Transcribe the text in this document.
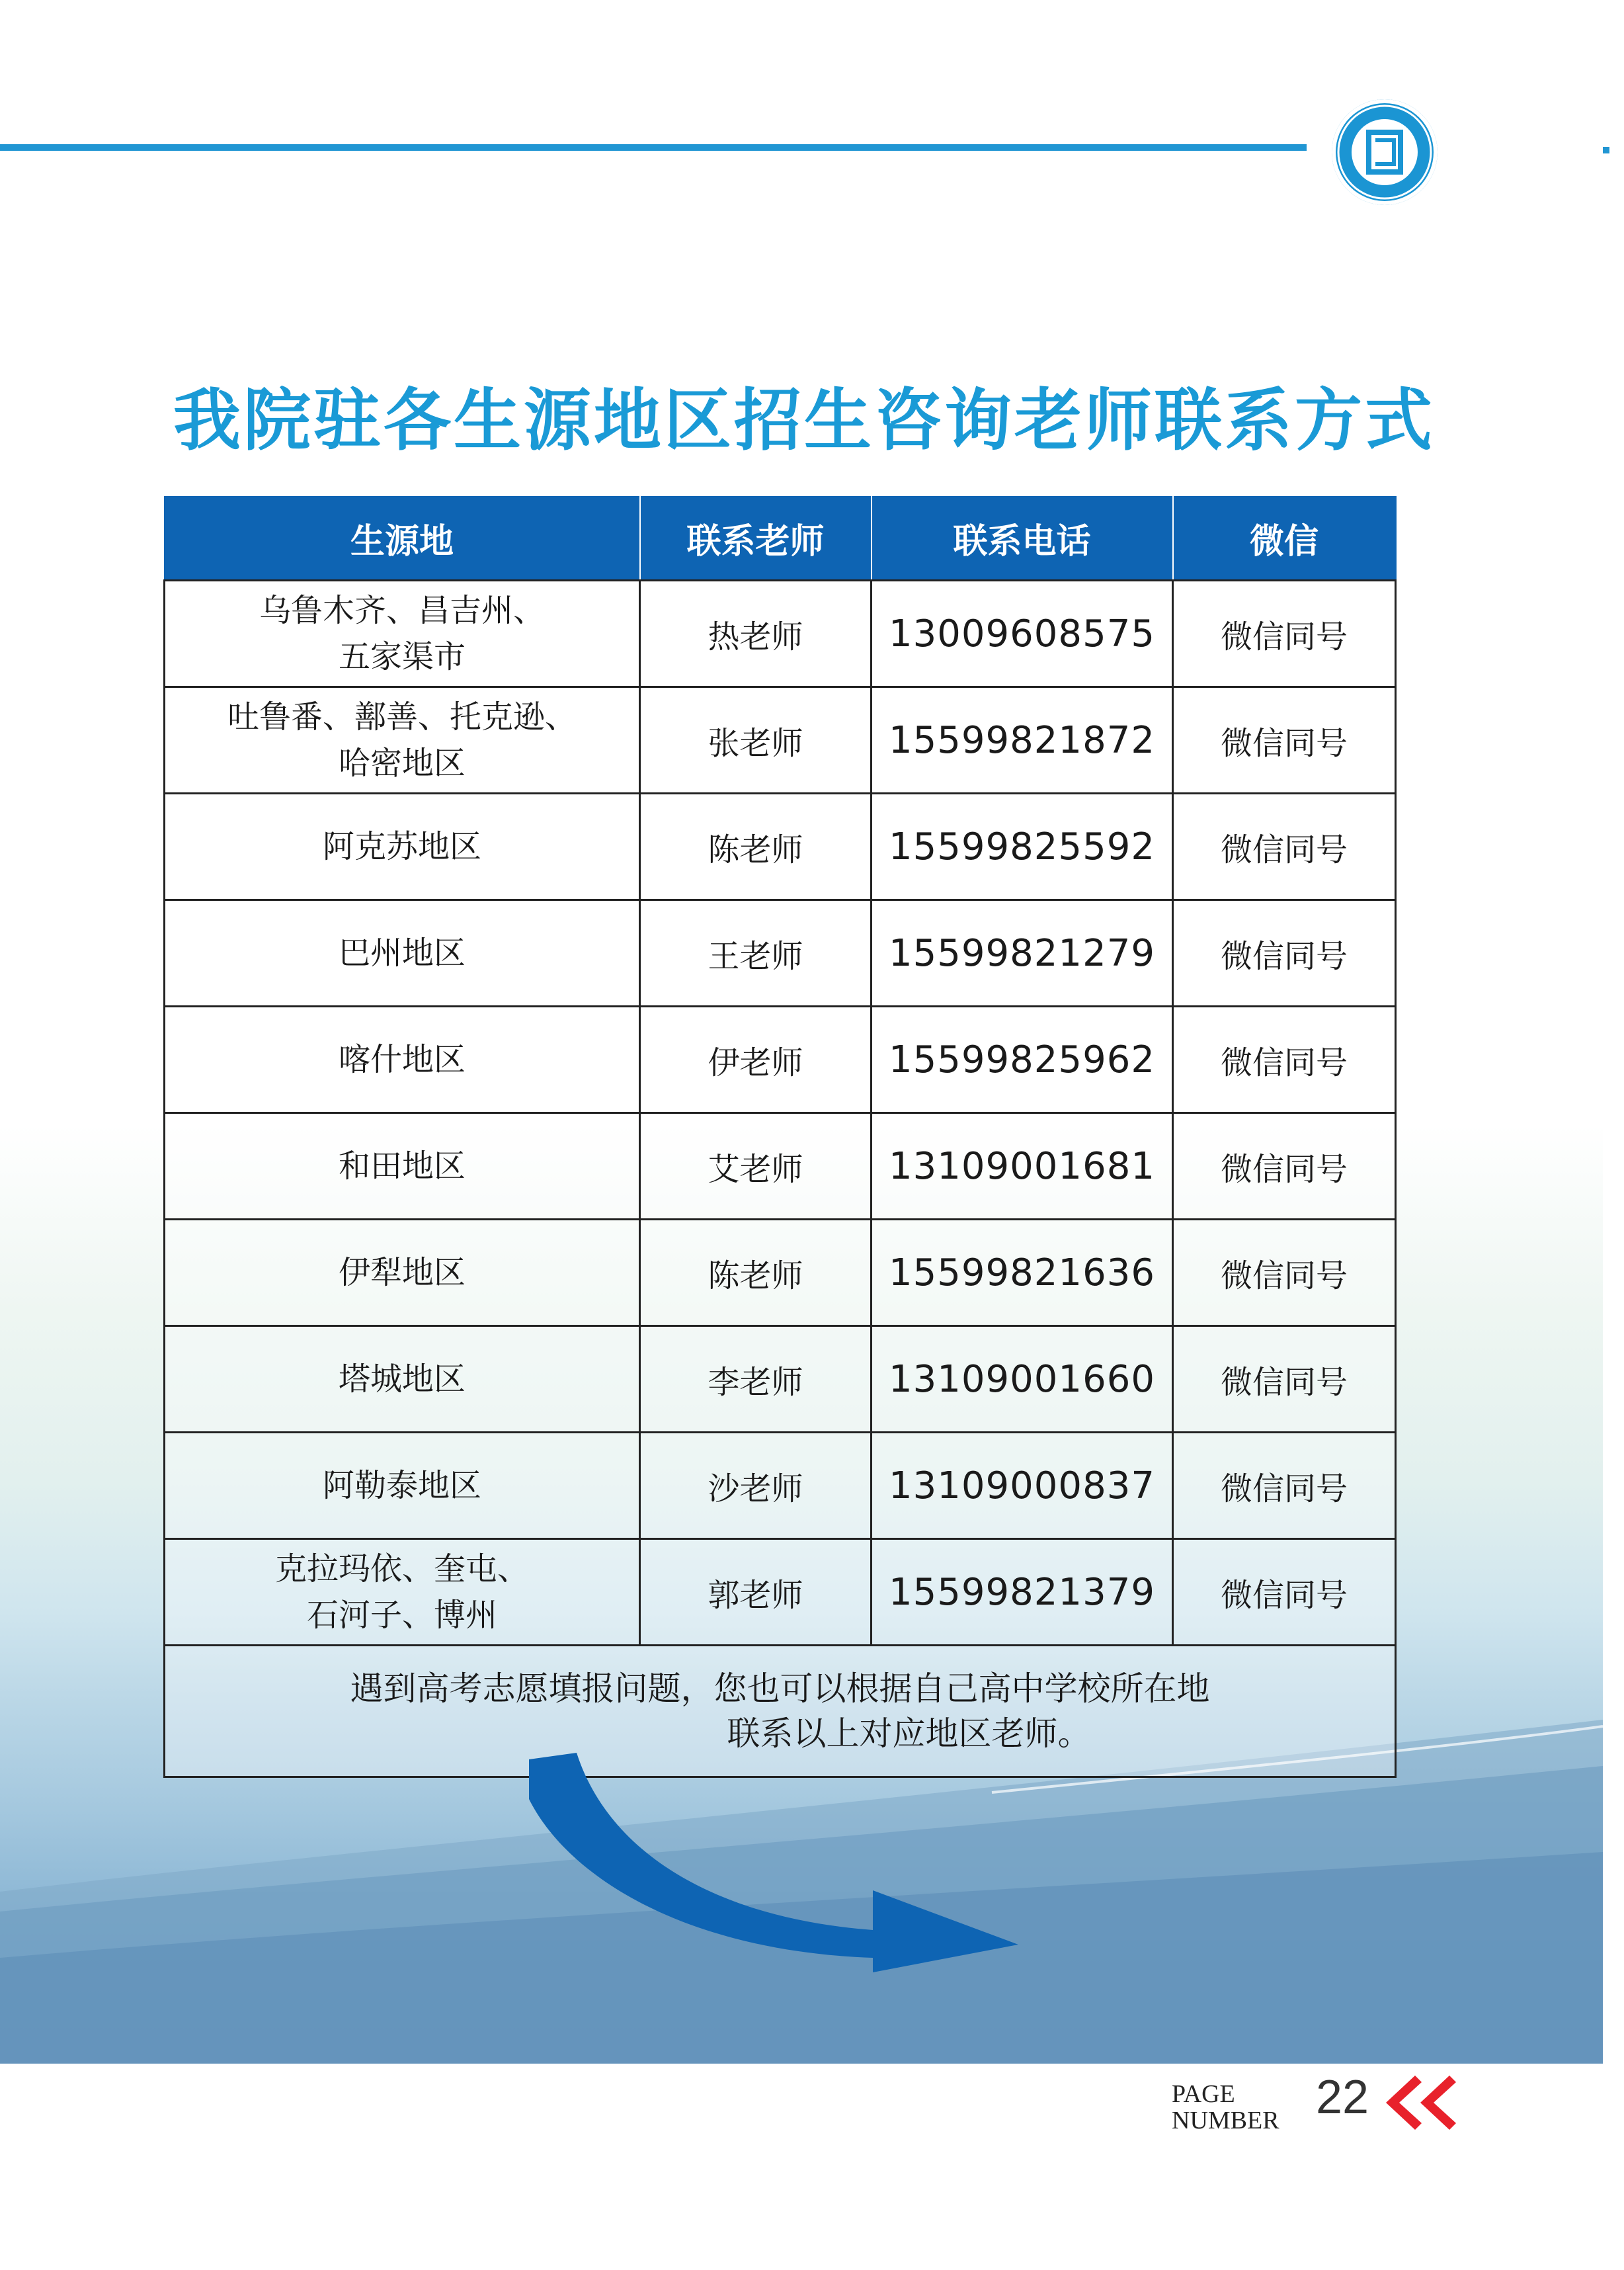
我院驻各生源地区招生咨询老师联系方式
生源地	联系老师	联系电话	微信
乌鲁木齐、昌吉州、
五家渠市	热老师	13009608575	微信同号
吐鲁番、鄯善、托克逊、
哈密地区	张老师	15599821872	微信同号
阿克苏地区	陈老师	15599825592	微信同号
巴州地区	王老师	15599821279	微信同号
喀什地区	伊老师	15599825962	微信同号
和田地区	艾老师	13109001681	微信同号
伊犁地区	陈老师	15599821636	微信同号
塔城地区	李老师	13109001660	微信同号
阿勒泰地区	沙老师	13109000837	微信同号
克拉玛依、奎屯、
石河子、博州	郭老师	15599821379	微信同号
遇到高考志愿填报问题，您也可以根据自己高中学校所在地
联系以上对应地区老师。			
PAGE
NUMBER 22
